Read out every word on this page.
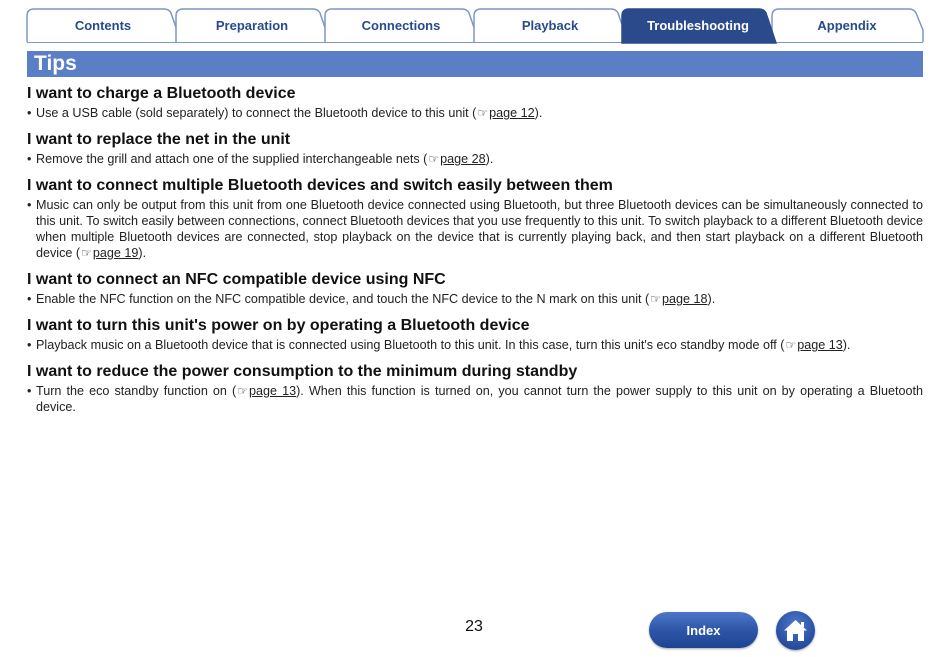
Contents	Preparation	Connections	Playback	Troubleshooting	Appendix
Tips
I want to charge a Bluetooth device
• Use a USB cable (sold separately) to connect the Bluetooth device to this unit (☞page 12).
I want to replace the net in the unit
• Remove the grill and attach one of the supplied interchangeable nets (☞page 28).
I want to connect multiple Bluetooth devices and switch easily between them
• Music can only be output from this unit from one Bluetooth device connected using Bluetooth, but three Bluetooth devices can be simultaneously connected to this unit. To switch easily between connections, connect Bluetooth devices that you use frequently to this unit. To switch playback to a different Bluetooth device when multiple Bluetooth devices are connected, stop playback on the device that is currently playing back, and then start playback on a different Bluetooth device (☞page 19).
I want to connect an NFC compatible device using NFC
• Enable the NFC function on the NFC compatible device, and touch the NFC device to the N mark on this unit (☞page 18).
I want to turn this unit's power on by operating a Bluetooth device
• Playback music on a Bluetooth device that is connected using Bluetooth to this unit. In this case, turn this unit's eco standby mode off (☞page 13).
I want to reduce the power consumption to the minimum during standby
• Turn the eco standby function on (☞page 13). When this function is turned on, you cannot turn the power supply to this unit on by operating a Bluetooth device.
23	Index
